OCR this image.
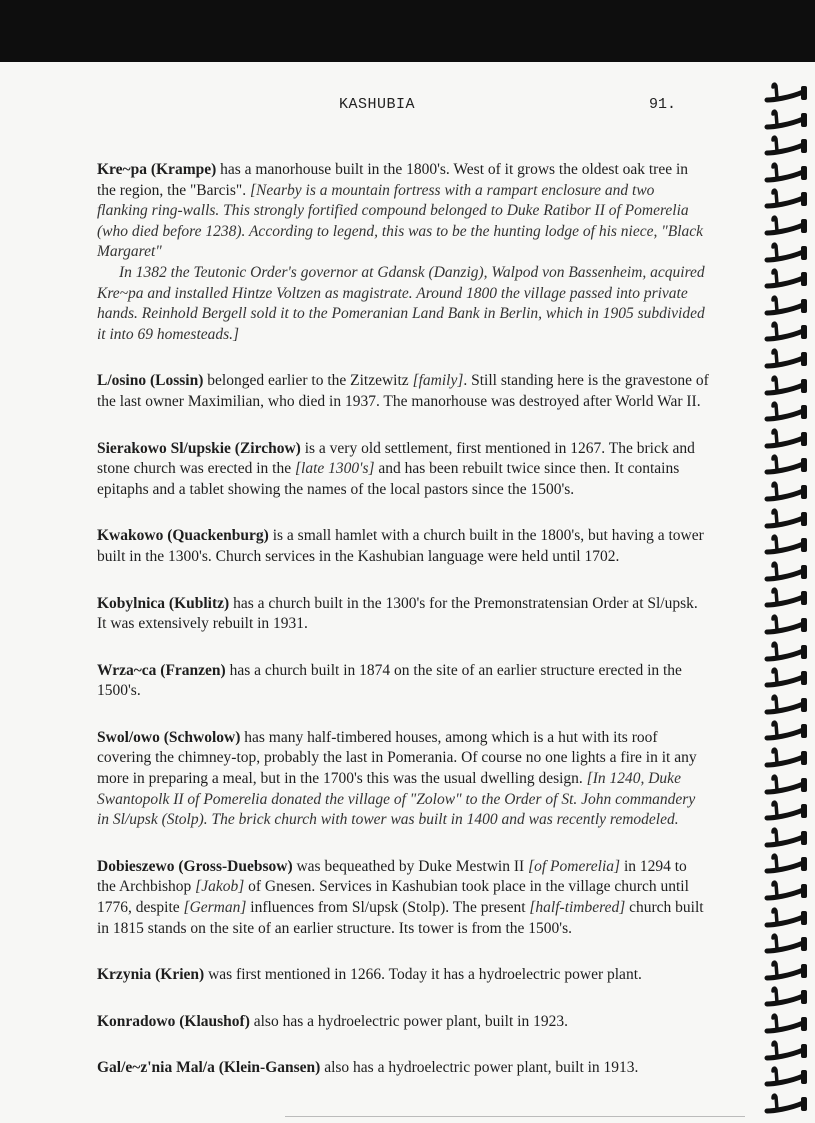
KASHUBIA	91.

Kre~pa (Krampe) has a manorhouse built in the 1800's. West of it grows the oldest oak tree in the region, the "Barcis". [Nearby is a mountain fortress with a rampart enclosure and two flanking ring-walls. This strongly fortified compound belonged to Duke Ratibor II of Pomerelia (who died before 1238). According to legend, this was to be the hunting lodge of his niece, "Black Margaret"

In 1382 the Teutonic Order's governor at Gdansk (Danzig), Walpod von Bassenheim, acquired Kre~pa and installed Hintze Voltzen as magistrate. Around 1800 the village passed into private hands. Reinhold Bergell sold it to the Pomeranian Land Bank in Berlin, which in 1905 subdivided it into 69 homesteads.]

L/osino (Lossin) belonged earlier to the Zitzewitz [family]. Still standing here is the gravestone of the last owner Maximilian, who died in 1937. The manorhouse was destroyed after World War II.

Sierakowo Sl/upskie (Zirchow) is a very old settlement, first mentioned in 1267. The brick and stone church was erected in the [late 1300's] and has been rebuilt twice since then. It contains epitaphs and a tablet showing the names of the local pastors since the 1500's.

Kwakowo (Quackenburg) is a small hamlet with a church built in the 1800's, but having a tower built in the 1300's. Church services in the Kashubian language were held until 1702.

Kobylnica (Kublitz) has a church built in the 1300's for the Premonstratensian Order at Sl/upsk. It was extensively rebuilt in 1931.

Wrza~ca (Franzen) has a church built in 1874 on the site of an earlier structure erected in the 1500's.

Swol/owo (Schwolow) has many half-timbered houses, among which is a hut with its roof covering the chimney-top, probably the last in Pomerania. Of course no one lights a fire in it any more in preparing a meal, but in the 1700's this was the usual dwelling design. [In 1240, Duke Swantopolk II of Pomerelia donated the village of "Zolow" to the Order of St. John commandery in Sl/upsk (Stolp). The brick church with tower was built in 1400 and was recently remodeled.

Dobieszewo (Gross-Duebsow) was bequeathed by Duke Mestwin II [of Pomerelia] in 1294 to the Archbishop [Jakob] of Gnesen. Services in Kashubian took place in the village church until 1776, despite [German] influences from Sl/upsk (Stolp). The present [half-timbered] church built in 1815 stands on the site of an earlier structure. Its tower is from the 1500's.

Krzynia (Krien) was first mentioned in 1266. Today it has a hydroelectric power plant.

Konradowo (Klaushof) also has a hydroelectric power plant, built in 1923.

Gal/e~z'nia Mal/a (Klein-Gansen) also has a hydroelectric power plant, built in 1913.
